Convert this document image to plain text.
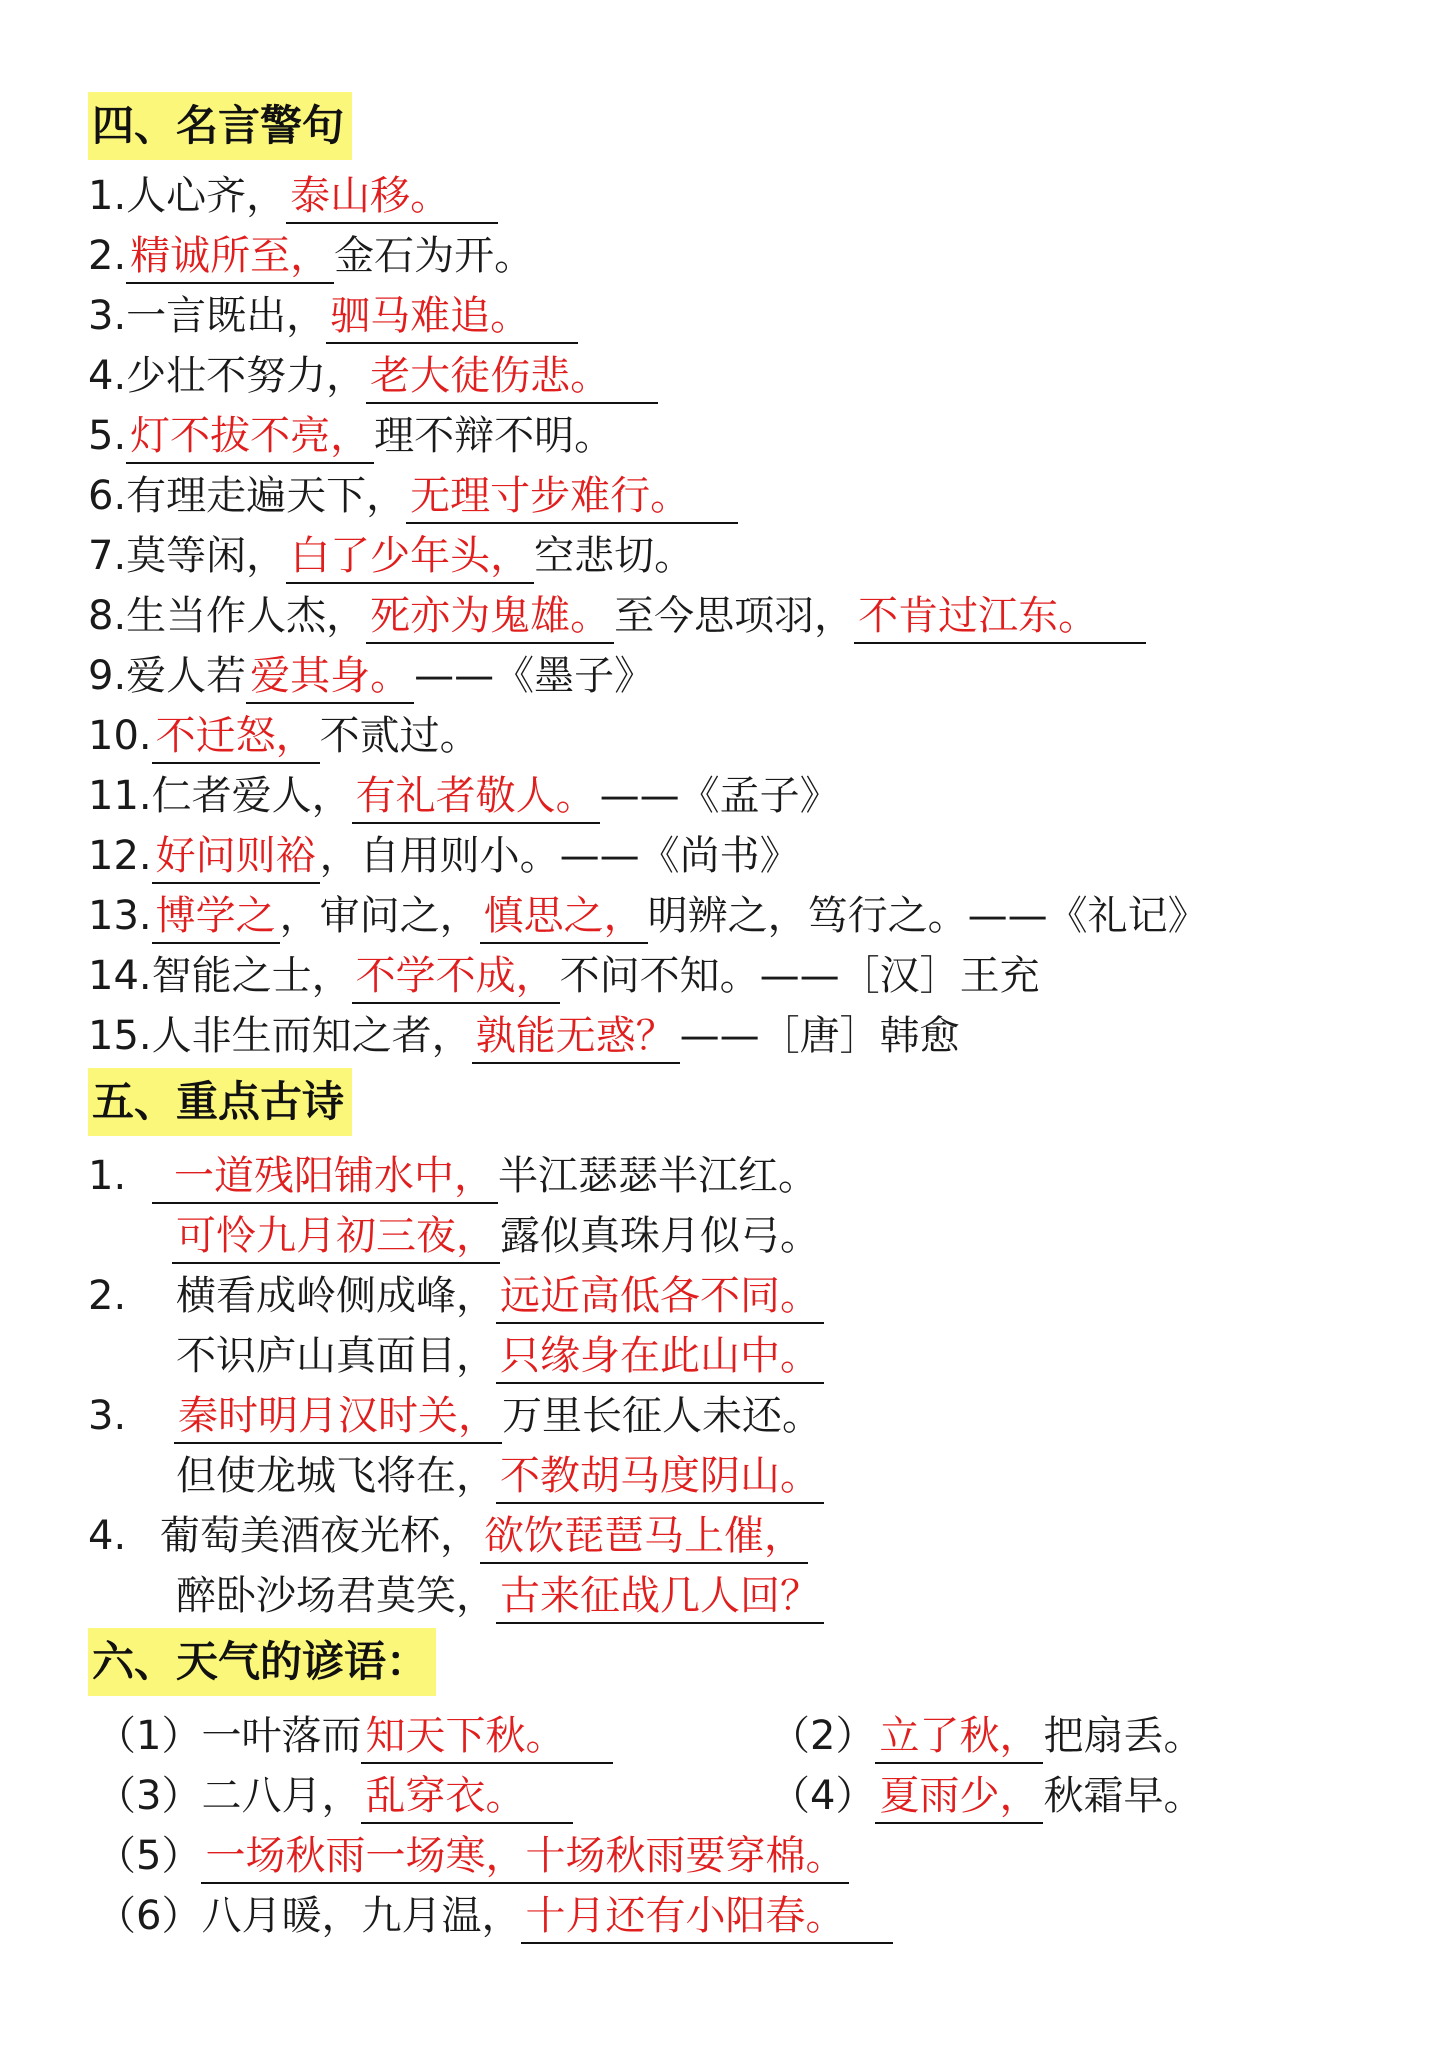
四、名言警句
1.人心齐， 泰山移。
2. 精诚所至， 金石为开。
3.一言既出， 驷马难追。
4.少壮不努力， 老大徒伤悲。
5. 灯不拔不亮， 理不辩不明。
6.有理走遍天下， 无理寸步难行。
7.莫等闲， 白了少年头， 空悲切。
8.生当作人杰， 死亦为鬼雄。 至今思项羽， 不肯过江东。
9.爱人若 爱其身。 ——《墨子》
10. 不迁怒， 不贰过。
11.仁者爱人， 有礼者敬人。 ——《孟子》
12. 好问则裕 ，自用则小。——《尚书》
13. 博学之 ，审问之， 慎思之， 明辨之，笃行之。——《礼记》
14.智能之士， 不学不成， 不问不知。——［汉］王充
15.人非生而知之者， 孰能无惑？ ——［唐］韩愈
五、重点古诗
1. 一道残阳铺水中， 半江瑟瑟半江红。
可怜九月初三夜， 露似真珠月似弓。
2. 横看成岭侧成峰， 远近高低各不同。
不识庐山真面目， 只缘身在此山中。
3. 秦时明月汉时关， 万里长征人未还。
但使龙城飞将在， 不教胡马度阴山。
4. 葡萄美酒夜光杯， 欲饮琵琶马上催，
醉卧沙场君莫笑， 古来征战几人回？
六、天气的谚语：
（1）一叶落而 知天下秋。	（2） 立了秋， 把扇丢。
（3）二八月， 乱穿衣。	（4） 夏雨少， 秋霜早。
（5） 一场秋雨一场寒，十场秋雨要穿棉。
（6）八月暖，九月温， 十月还有小阳春。
